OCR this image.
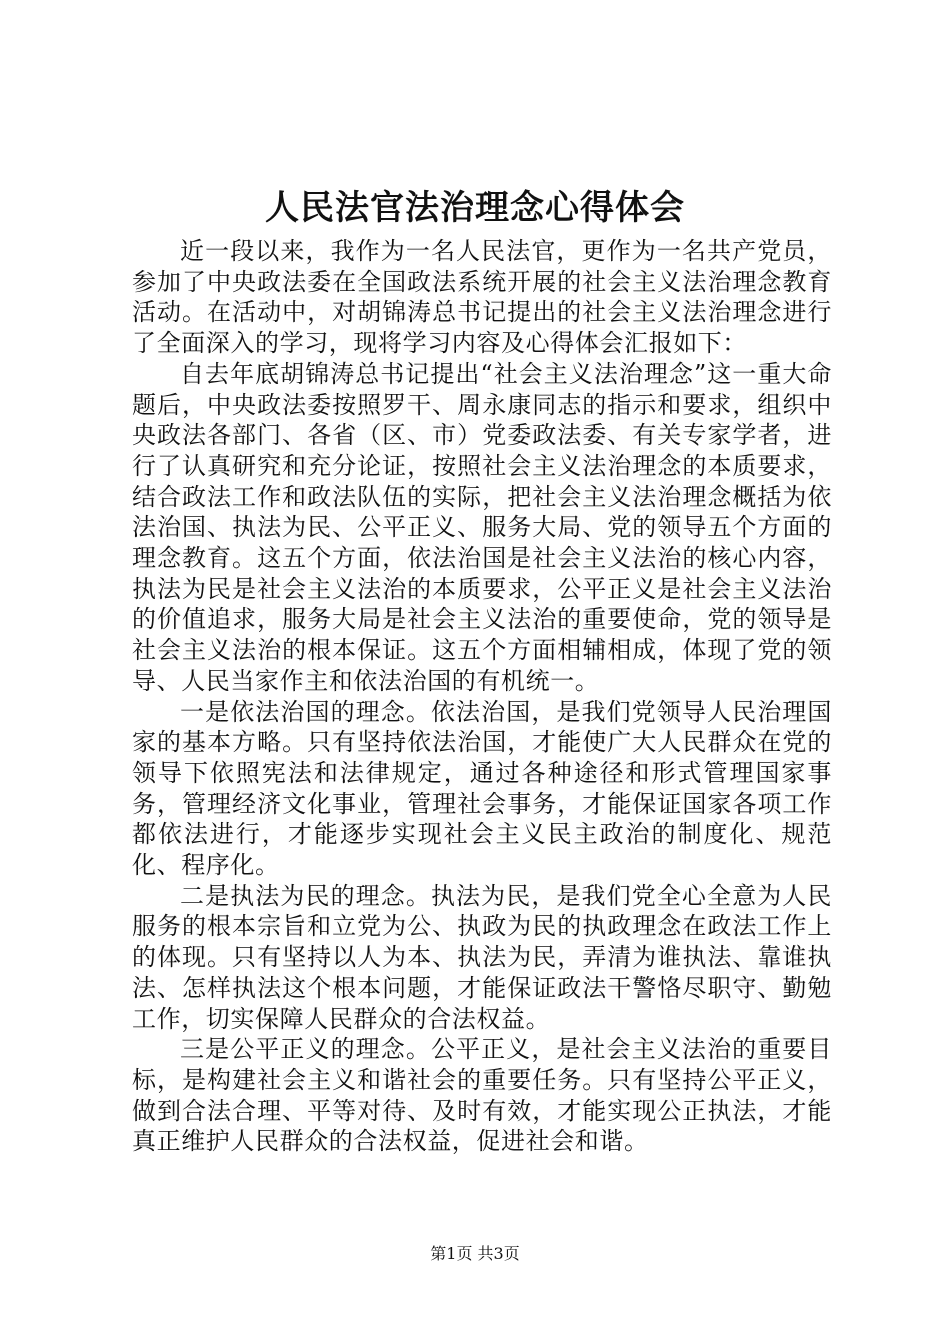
人民法官法治理念心得体会

近一段以来，我作为一名人民法官，更作为一名共产党员，参加了中央政法委在全国政法系统开展的社会主义法治理念教育活动。在活动中，对胡锦涛总书记提出的社会主义法治理念进行了全面深入的学习，现将学习内容及心得体会汇报如下：

自去年底胡锦涛总书记提出“社会主义法治理念”这一重大命题后，中央政法委按照罗干、周永康同志的指示和要求，组织中央政法各部门、各省（区、市）党委政法委、有关专家学者，进行了认真研究和充分论证，按照社会主义法治理念的本质要求，结合政法工作和政法队伍的实际，把社会主义法治理念概括为依法治国、执法为民、公平正义、服务大局、党的领导五个方面的理念教育。这五个方面，依法治国是社会主义法治的核心内容，执法为民是社会主义法治的本质要求，公平正义是社会主义法治的价值追求，服务大局是社会主义法治的重要使命，党的领导是社会主义法治的根本保证。这五个方面相辅相成，体现了党的领导、人民当家作主和依法治国的有机统一。

一是依法治国的理念。依法治国，是我们党领导人民治理国家的基本方略。只有坚持依法治国，才能使广大人民群众在党的领导下依照宪法和法律规定，通过各种途径和形式管理国家事务，管理经济文化事业，管理社会事务，才能保证国家各项工作都依法进行，才能逐步实现社会主义民主政治的制度化、规范化、程序化。

二是执法为民的理念。执法为民，是我们党全心全意为人民服务的根本宗旨和立党为公、执政为民的执政理念在政法工作上的体现。只有坚持以人为本、执法为民，弄清为谁执法、靠谁执法、怎样执法这个根本问题，才能保证政法干警恪尽职守、勤勉工作，切实保障人民群众的合法权益。

三是公平正义的理念。公平正义，是社会主义法治的重要目标，是构建社会主义和谐社会的重要任务。只有坚持公平正义，做到合法合理、平等对待、及时有效，才能实现公正执法，才能真正维护人民群众的合法权益，促进社会和谐。

第1页 共3页
